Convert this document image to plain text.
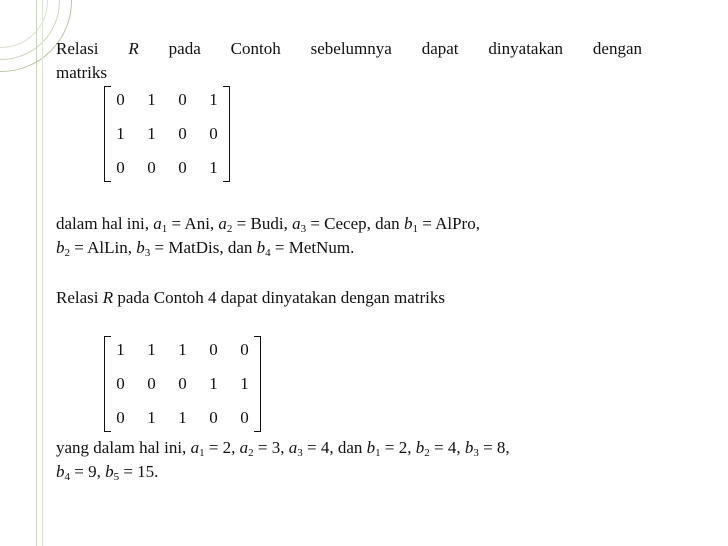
Relasi R pada Contoh sebelumnya dapat dinyatakan dengan
matriks
0	1	0	1
1	1	0	0
0	0	0	1
dalam hal ini, $a_1$ = Ani, $a_2$ = Budi, $a_3$ = Cecep, dan $b_1$ = AlPro,
$b_2$ = AlLin, $b_3$ = MatDis, dan $b_4$ = MetNum.
Relasi R pada Contoh 4 dapat dinyatakan dengan matriks
1	1	1	0	0
0	0	0	1	1
0	1	1	0	0
yang dalam hal ini, $a_1 = 2$, $a_2 = 3$, $a_3 = 4$, dan $b_1 = 2$, $b_2 = 4$, $b_3 = 8$,
$b_4 = 9$, $b_5 = 15$.
